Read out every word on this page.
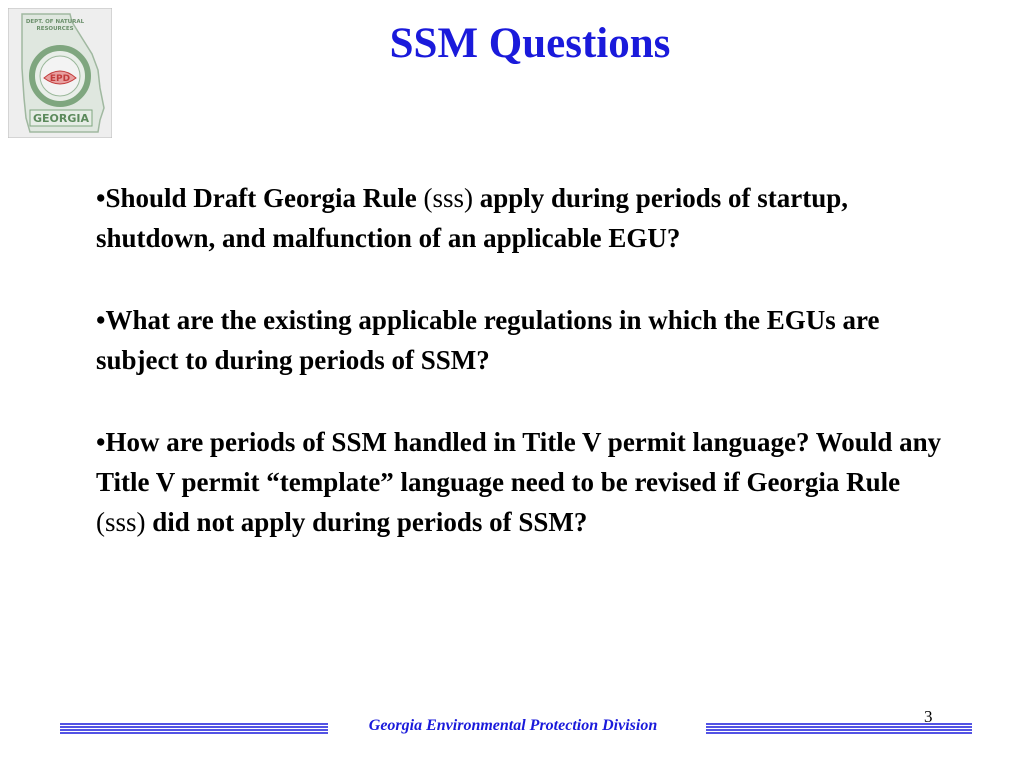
DEPT. OF NATURAL
RESOURCES
EPD
GEORGIA
SSM Questions
•Should Draft Georgia Rule (sss) apply during periods of startup, shutdown, and malfunction of an applicable EGU?
•What are the existing applicable regulations in which the EGUs are subject to during periods of SSM?
•How are periods of SSM handled in Title V permit language? Would any Title V permit “template” language need to be revised if Georgia Rule (sss) did not apply during periods of SSM?
3
Georgia Environmental Protection Division
